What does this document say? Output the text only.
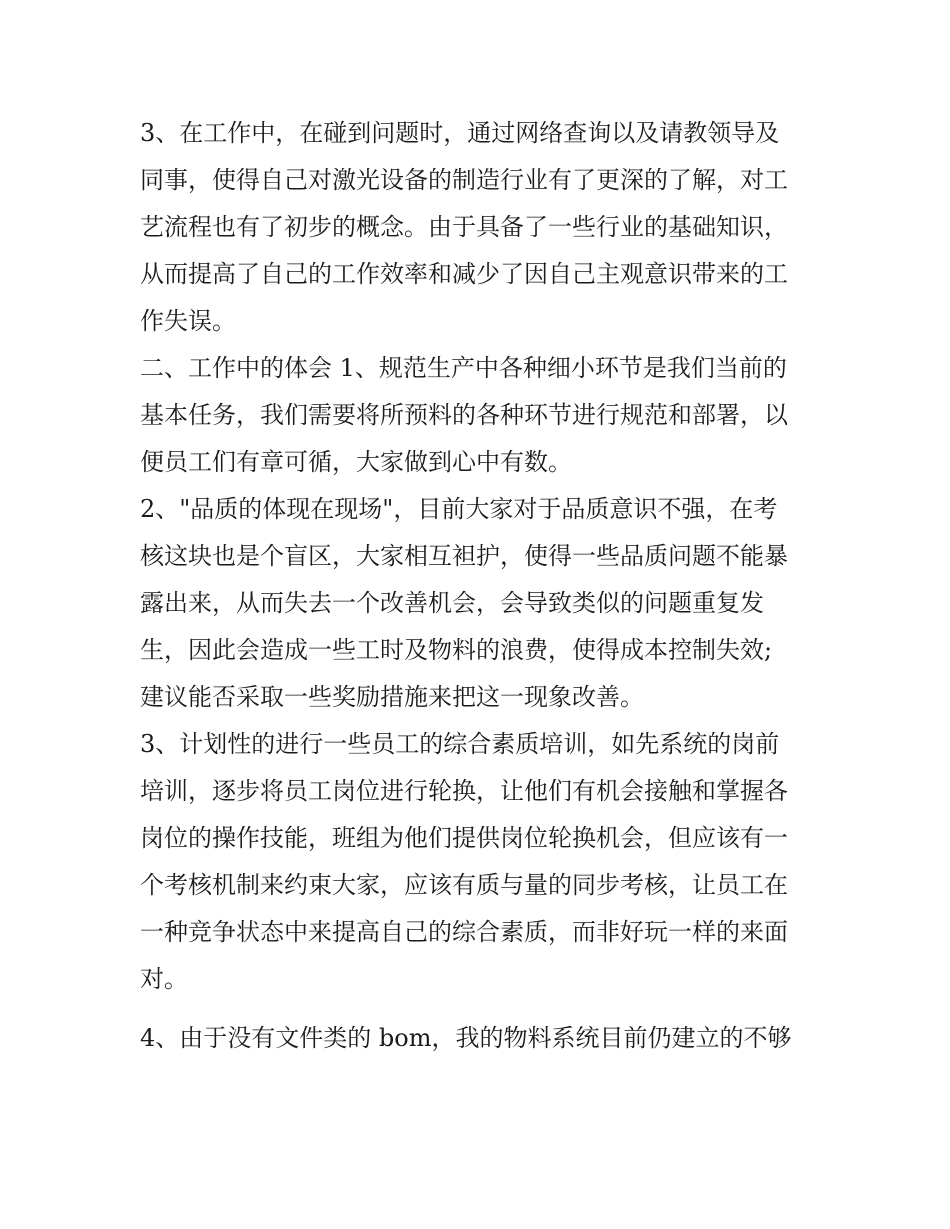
3、在工作中，在碰到问题时，通过网络查询以及请教领导及
同事，使得自己对激光设备的制造行业有了更深的了解，对工
艺流程也有了初步的概念。由于具备了一些行业的基础知识，
从而提高了自己的工作效率和减少了因自己主观意识带来的工
作失误。
二、工作中的体会 1、规范生产中各种细小环节是我们当前的
基本任务，我们需要将所预料的各种环节进行规范和部署，以
便员工们有章可循，大家做到心中有数。
2、"品质的体现在现场"，目前大家对于品质意识不强，在考
核这块也是个盲区，大家相互袒护，使得一些品质问题不能暴
露出来，从而失去一个改善机会，会导致类似的问题重复发
生，因此会造成一些工时及物料的浪费，使得成本控制失效;
建议能否采取一些奖励措施来把这一现象改善。
3、计划性的进行一些员工的综合素质培训，如先系统的岗前
培训，逐步将员工岗位进行轮换，让他们有机会接触和掌握各
岗位的操作技能，班组为他们提供岗位轮换机会，但应该有一
个考核机制来约束大家，应该有质与量的同步考核，让员工在
一种竞争状态中来提高自己的综合素质，而非好玩一样的来面
对。
4、由于没有文件类的 bom，我的物料系统目前仍建立的不够
